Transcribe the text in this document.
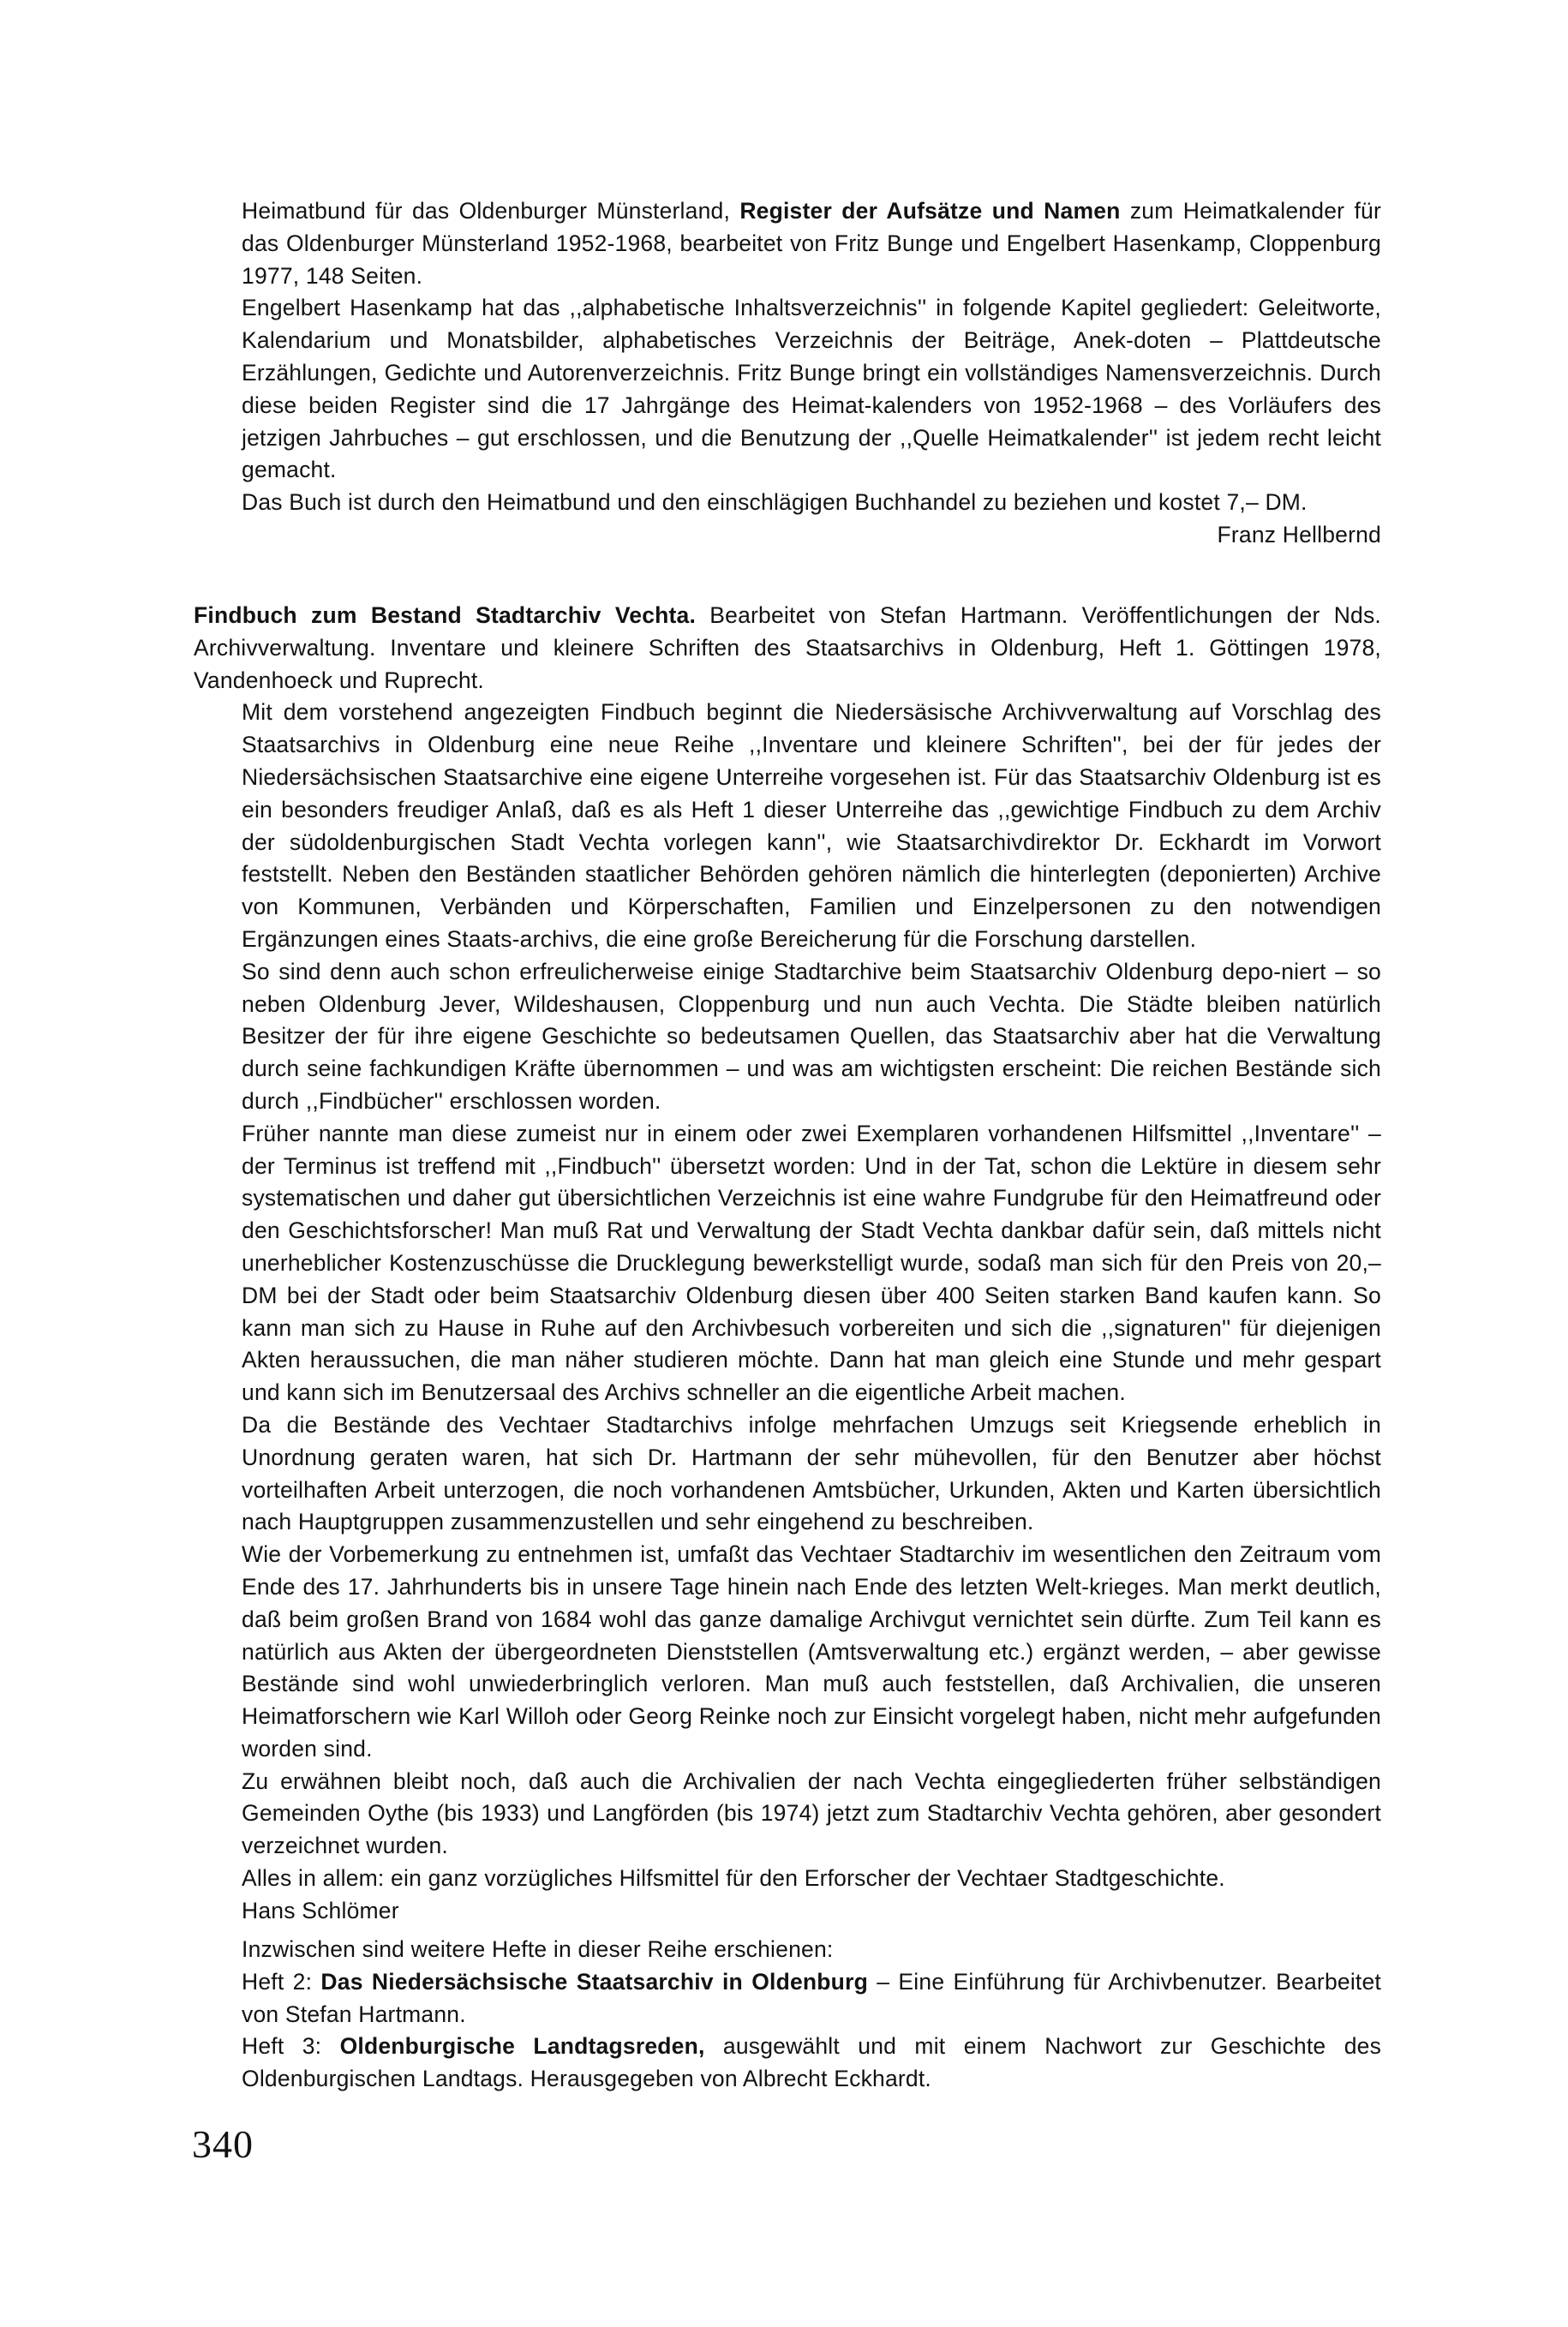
Heimatbund für das Oldenburger Münsterland, Register der Aufsätze und Namen zum Heimatkalender für das Oldenburger Münsterland 1952-1968, bearbeitet von Fritz Bunge und Engelbert Hasenkamp, Cloppenburg 1977, 148 Seiten.

Engelbert Hasenkamp hat das ,,alphabetische Inhaltsverzeichnis'' in folgende Kapitel gegliedert: Geleitworte, Kalendarium und Monatsbilder, alphabetisches Verzeichnis der Beiträge, Anek-doten – Plattdeutsche Erzählungen, Gedichte und Autorenverzeichnis. Fritz Bunge bringt ein vollständiges Namensverzeichnis. Durch diese beiden Register sind die 17 Jahrgänge des Heimat-kalenders von 1952-1968 – des Vorläufers des jetzigen Jahrbuches – gut erschlossen, und die Benutzung der ,,Quelle Heimatkalender'' ist jedem recht leicht gemacht.

Das Buch ist durch den Heimatbund und den einschlägigen Buchhandel zu beziehen und kostet 7,– DM.
Franz Hellbernd

Findbuch zum Bestand Stadtarchiv Vechta. Bearbeitet von Stefan Hartmann. Veröffentlichungen der Nds. Archivverwaltung. Inventare und kleinere Schriften des Staatsarchivs in Oldenburg, Heft 1. Göttingen 1978, Vandenhoeck und Ruprecht.

Mit dem vorstehend angezeigten Findbuch beginnt die Niedersäsische Archivverwaltung auf Vorschlag des Staatsarchivs in Oldenburg eine neue Reihe ,,Inventare und kleinere Schriften'', bei der für jedes der Niedersächsischen Staatsarchive eine eigene Unterreihe vorgesehen ist. Für das Staatsarchiv Oldenburg ist es ein besonders freudiger Anlaß, daß es als Heft 1 dieser Unterreihe das ,,gewichtige Findbuch zu dem Archiv der südoldenburgischen Stadt Vechta vorlegen kann'', wie Staatsarchivdirektor Dr. Eckhardt im Vorwort feststellt. Neben den Beständen staatlicher Behörden gehören nämlich die hinterlegten (deponierten) Archive von Kommunen, Verbänden und Körperschaften, Familien und Einzelpersonen zu den notwendigen Ergänzungen eines Staats-archivs, die eine große Bereicherung für die Forschung darstellen.

So sind denn auch schon erfreulicherweise einige Stadtarchive beim Staatsarchiv Oldenburg depo-niert – so neben Oldenburg Jever, Wildeshausen, Cloppenburg und nun auch Vechta. Die Städte bleiben natürlich Besitzer der für ihre eigene Geschichte so bedeutsamen Quellen, das Staatsarchiv aber hat die Verwaltung durch seine fachkundigen Kräfte übernommen – und was am wichtigsten erscheint: Die reichen Bestände sich durch ,,Findbücher'' erschlossen worden.

Früher nannte man diese zumeist nur in einem oder zwei Exemplaren vorhandenen Hilfsmittel ,,Inventare'' – der Terminus ist treffend mit ,,Findbuch'' übersetzt worden: Und in der Tat, schon die Lektüre in diesem sehr systematischen und daher gut übersichtlichen Verzeichnis ist eine wahre Fundgrube für den Heimatfreund oder den Geschichtsforscher! Man muß Rat und Verwaltung der Stadt Vechta dankbar dafür sein, daß mittels nicht unerheblicher Kostenzuschüsse die Drucklegung bewerkstelligt wurde, sodaß man sich für den Preis von 20,– DM bei der Stadt oder beim Staatsarchiv Oldenburg diesen über 400 Seiten starken Band kaufen kann. So kann man sich zu Hause in Ruhe auf den Archivbesuch vorbereiten und sich die ,,signaturen'' für diejenigen Akten heraussuchen, die man näher studieren möchte. Dann hat man gleich eine Stunde und mehr gespart und kann sich im Benutzersaal des Archivs schneller an die eigentliche Arbeit machen.

Da die Bestände des Vechtaer Stadtarchivs infolge mehrfachen Umzugs seit Kriegsende erheblich in Unordnung geraten waren, hat sich Dr. Hartmann der sehr mühevollen, für den Benutzer aber höchst vorteilhaften Arbeit unterzogen, die noch vorhandenen Amtsbücher, Urkunden, Akten und Karten übersichtlich nach Hauptgruppen zusammenzustellen und sehr eingehend zu beschreiben.

Wie der Vorbemerkung zu entnehmen ist, umfaßt das Vechtaer Stadtarchiv im wesentlichen den Zeitraum vom Ende des 17. Jahrhunderts bis in unsere Tage hinein nach Ende des letzten Welt-krieges. Man merkt deutlich, daß beim großen Brand von 1684 wohl das ganze damalige Archivgut vernichtet sein dürfte. Zum Teil kann es natürlich aus Akten der übergeordneten Dienststellen (Amtsverwaltung etc.) ergänzt werden, – aber gewisse Bestände sind wohl unwiederbringlich verloren. Man muß auch feststellen, daß Archivalien, die unseren Heimatforschern wie Karl Willoh oder Georg Reinke noch zur Einsicht vorgelegt haben, nicht mehr aufgefunden worden sind.

Zu erwähnen bleibt noch, daß auch die Archivalien der nach Vechta eingegliederten früher selbständigen Gemeinden Oythe (bis 1933) und Langförden (bis 1974) jetzt zum Stadtarchiv Vechta gehören, aber gesondert verzeichnet wurden.

Alles in allem: ein ganz vorzügliches Hilfsmittel für den Erforscher der Vechtaer Stadtgeschichte.

Hans Schlömer

Inzwischen sind weitere Hefte in dieser Reihe erschienen:

Heft 2: Das Niedersächsische Staatsarchiv in Oldenburg – Eine Einführung für Archivbenutzer. Bearbeitet von Stefan Hartmann.

Heft 3: Oldenburgische Landtagsreden, ausgewählt und mit einem Nachwort zur Geschichte des Oldenburgischen Landtags. Herausgegeben von Albrecht Eckhardt.

340
